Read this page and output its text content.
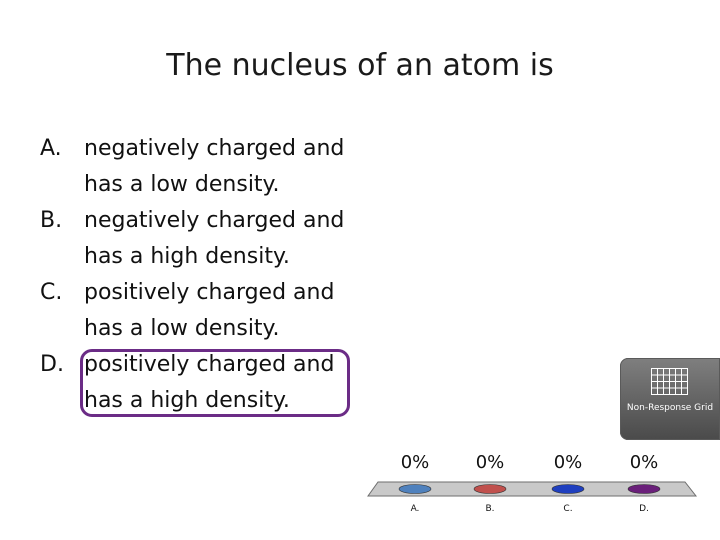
The nucleus of an atom is
A.	negatively charged and has a low density.
B. negatively charged and has a high density.
C. positively charged and has a low density.
D. positively charged and has a high density.	Non-Response Grid
0%
A.
0%
B.
0%
C.
0%
D.
